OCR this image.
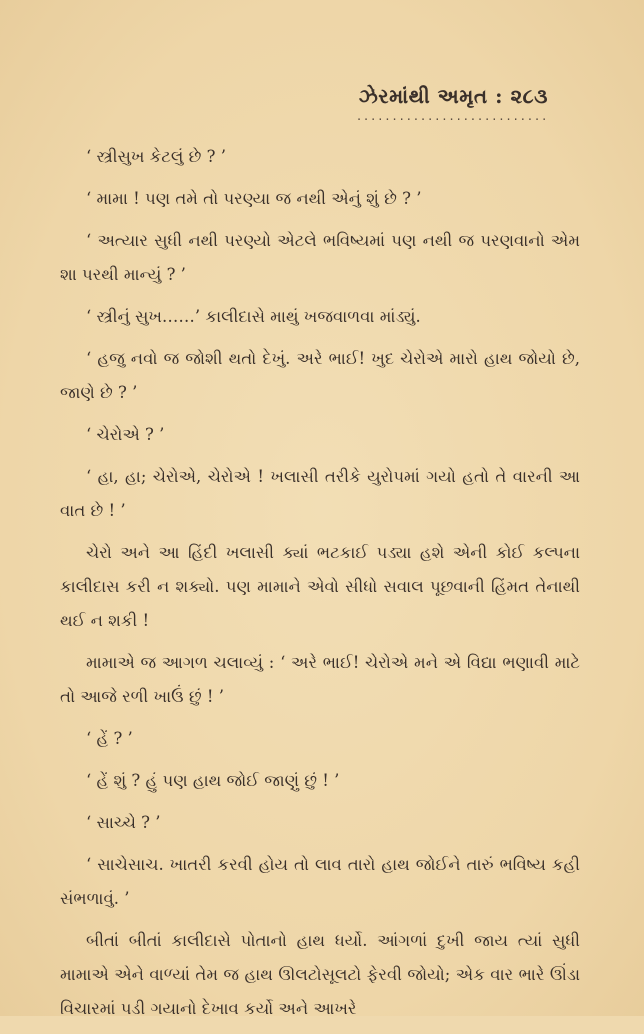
ઝેરમાંથી અમૃત : ૨૮૩
...........................

‘ સ્ત્રીસુખ કેટલું છે ? ’

‘ મામા ! પણ તમે તો પરણ્યા જ નથી એનું શું છે ? ’

‘ અત્યાર સુધી નથી પરણ્યો એટલે ભવિષ્યમાં પણ નથી જ પરણવાનો એમ શા પરથી માન્યું ? ’

‘ સ્ત્રીનું સુખ……’ કાલીદાસે માથું ખજવાળવા માંડ્યું.

‘ હજુ નવો જ જોશી થતો દેખું. અરે ભાઈ! ખુદ ચેરોએ મારો હાથ જોયો છે, જાણે છે ? ’

‘ ચેરોએ ? ’

‘ હા, હા; ચેરોએ, ચેરોએ ! ખલાસી તરીકે યુરોપમાં ગયો હતો તે વારની આ વાત છે ! ’

ચેરો અને આ હિંદી ખલાસી ક્યાં ભટકાઈ પડ્યા હશે એની કોઈ કલ્પના કાલીદાસ કરી ન શક્યો. પણ મામાને એવો સીધો સવાલ પૂછવાની હિંમત તેનાથી થઈ ન શકી !

મામાએ જ આગળ ચલાવ્યું : ‘ અરે ભાઈ! ચેરોએ મને એ વિદ્યા ભણાવી માટે તો આજે રળી ખાઉં છું ! ’

‘ હેં ? ’

‘ હેં શું ? હું પણ હાથ જોઈ જાણું છું ! ’

‘ સાચ્ચે ? ’

‘ સાચેસાચ. ખાતરી કરવી હોય તો લાવ તારો હાથ જોઈને તારું ભવિષ્ય કહી સંભળાવું. ’

બીતાં બીતાં કાલીદાસે પોતાનો હાથ ધર્યો. આંગળાં દુખી જાય ત્યાં સુધી મામાએ એને વાળ્યાં તેમ જ હાથ ઊલટોસૂલટો ફેરવી જોયો; એક વાર ભારે ઊંડા વિચારમાં પડી ગયાનો દેખાવ કર્યો અને આખરે
